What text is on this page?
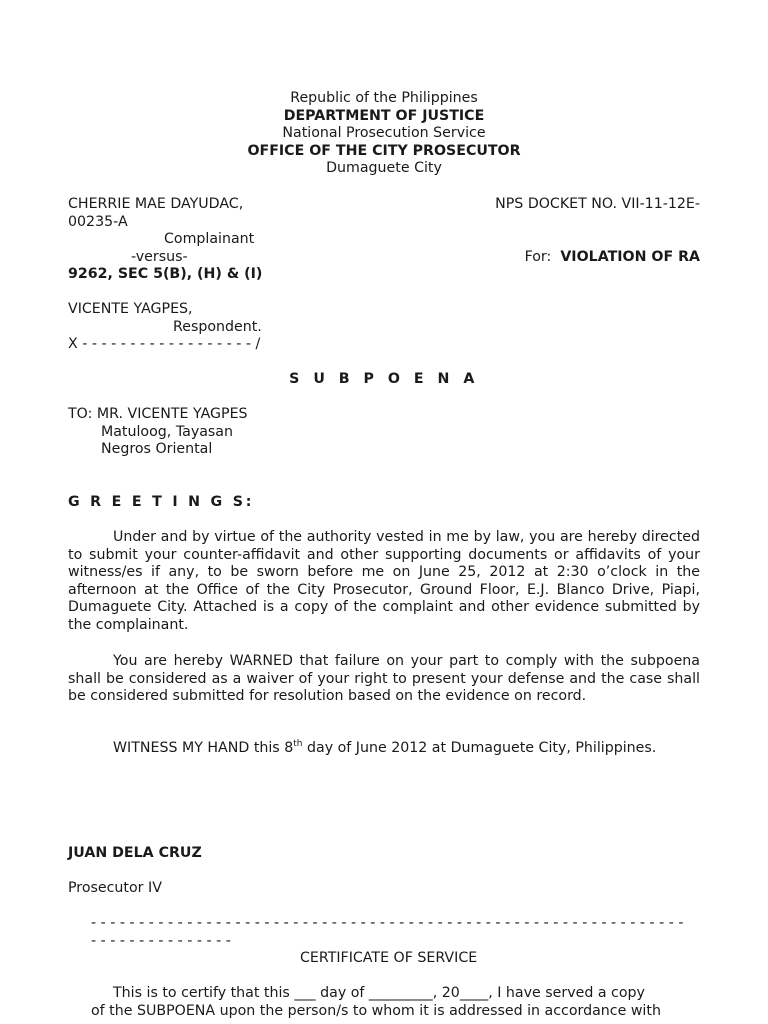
Republic of the Philippines
DEPARTMENT OF JUSTICE
National Prosecution Service
OFFICE OF THE CITY PROSECUTOR
Dumaguete City
CHERRIE MAE DAYUDAC,	NPS DOCKET NO. VII-11-12E-
00235-A
Complainant
-versus-	For: VIOLATION OF RA
9262, SEC 5(B), (H) & (I)
VICENTE YAGPES,
Respondent.
X - - - - - - - - - - - - - - - - - - /
S U B P O E N A
TO: MR. VICENTE YAGPES
Matuloog, Tayasan
Negros Oriental
G R E E T I N G S:
Under and by virtue of the authority vested in me by law, you are hereby directed to submit your counter-affidavit and other supporting documents or affidavits of your witness/es if any, to be sworn before me on June 25, 2012 at 2:30 o’clock in the afternoon at the Office of the City Prosecutor, Ground Floor, E.J. Blanco Drive, Piapi, Dumaguete City. Attached is a copy of the complaint and other evidence submitted by the complainant.
You are hereby WARNED that failure on your part to comply with the subpoena shall be considered as a waiver of your right to present your defense and the case shall be considered submitted for resolution based on the evidence on record.
WITNESS MY HAND this 8th day of June 2012 at Dumaguete City, Philippines.
JUAN DELA CRUZ
Prosecutor IV
- - - - - - - - - - - - - - - - - - - - - - - - - - - - - - - - - - - - - - - - - - - - - - - - - - - - - - - - - - - - - -
- - - - - - - - - - - - - - -
CERTIFICATE OF SERVICE
This is to certify that this ___ day of _________, 20____, I have served a copy
of the SUBPOENA upon the person/s to whom it is addressed in accordance with
